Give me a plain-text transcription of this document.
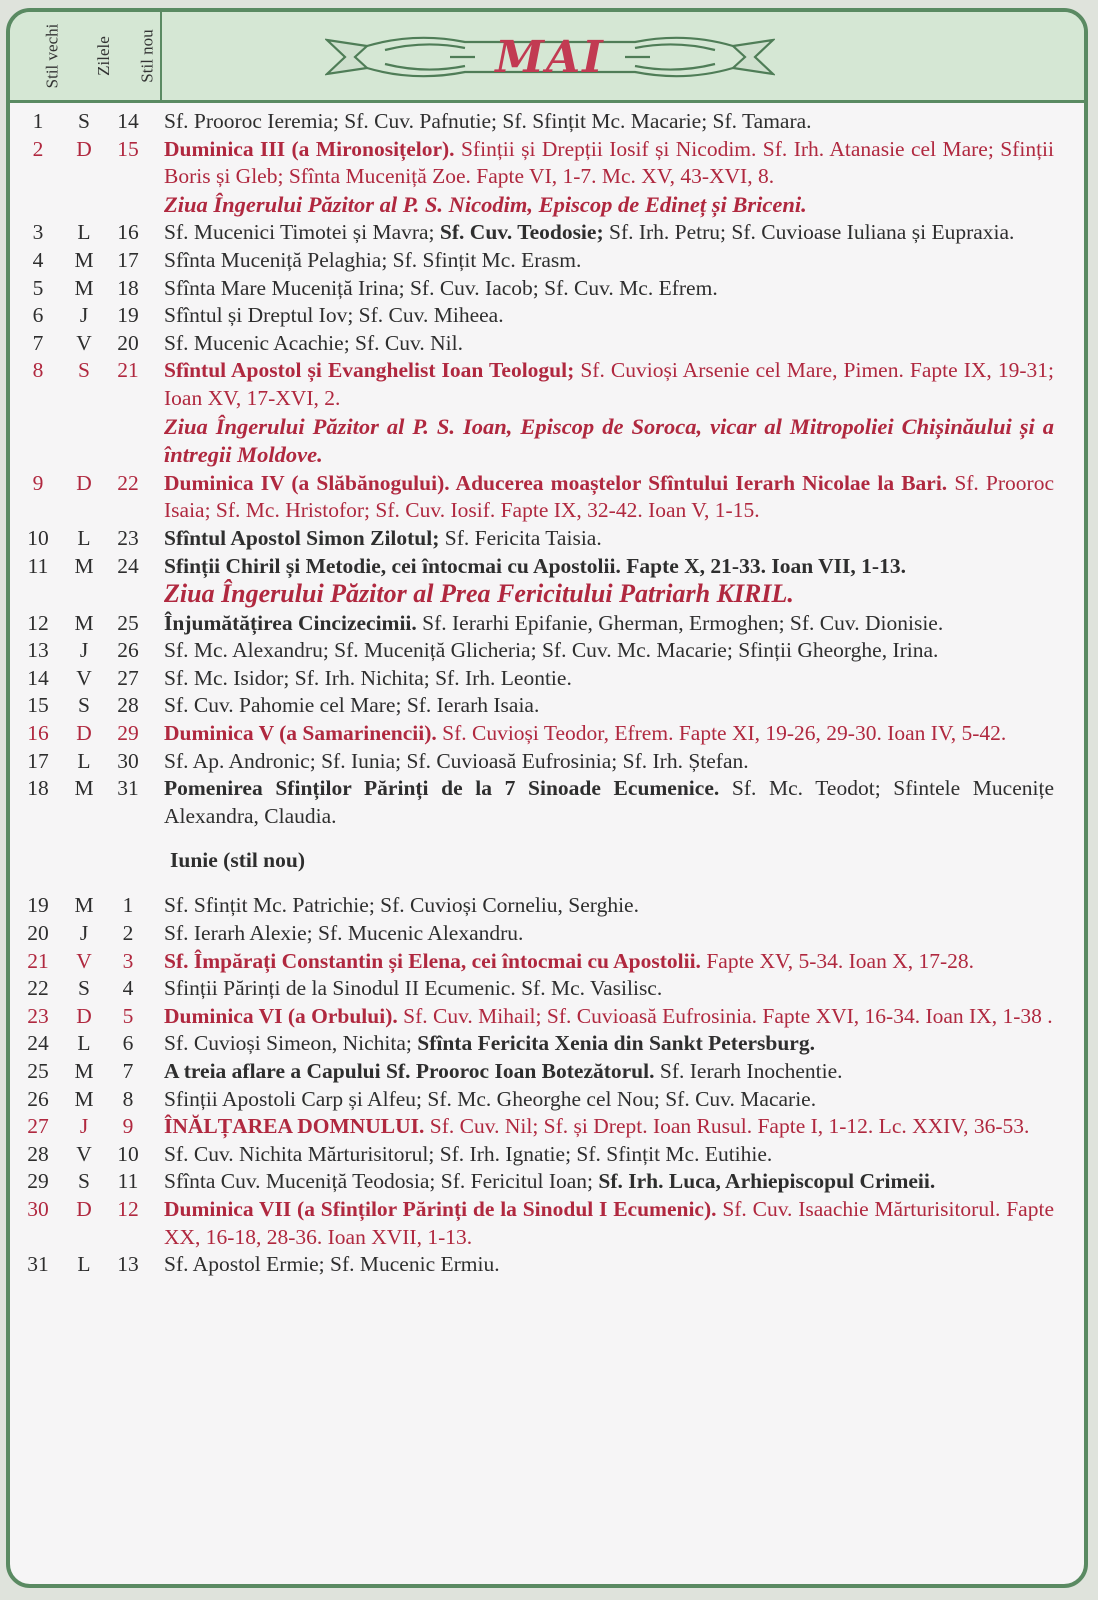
Stil vechi Zilele Stil nou	MAI
1	S	14	Sf. Prooroc Ieremia; Sf. Cuv. Pafnutie; Sf. Sfințit Mc. Macarie; Sf. Tamara.
2	D	15	Duminica III (a Mironosițelor). Sfinții și Drepții Iosif și Nicodim. Sf. Irh. Atanasie cel Mare; Sfinții Boris și Gleb; Sfînta Muceniță Zoe. Fapte VI, 1-7. Mc. XV, 43-XVI, 8.
Ziua Îngerului Păzitor al P. S. Nicodim, Episcop de Edineț și Briceni.
3	L	16	Sf. Mucenici Timotei și Mavra; Sf. Cuv. Teodosie; Sf. Irh. Petru; Sf. Cuvioase Iuliana și Eupraxia.
4	M	17	Sfînta Muceniță Pelaghia; Sf. Sfințit Mc. Erasm.
5	M	18	Sfînta Mare Muceniță Irina; Sf. Cuv. Iacob; Sf. Cuv. Mc. Efrem.
6	J	19	Sfîntul și Dreptul Iov; Sf. Cuv. Miheea.
7	V	20	Sf. Mucenic Acachie; Sf. Cuv. Nil.
8	S	21	Sfîntul Apostol și Evanghelist Ioan Teologul; Sf. Cuvioși Arsenie cel Mare, Pimen. Fapte IX, 19-31; Ioan XV, 17-XVI, 2.
Ziua Îngerului Păzitor al P. S. Ioan, Episcop de Soroca, vicar al Mitropoliei Chișinăului și a întregii Moldove.
9	D	22	Duminica IV (a Slăbănogului). Aducerea moaștelor Sfîntului Ierarh Nicolae la Bari. Sf. Prooroc Isaia; Sf. Mc. Hristofor; Sf. Cuv. Iosif. Fapte IX, 32-42. Ioan V, 1-15.
10	L	23	Sfîntul Apostol Simon Zilotul; Sf. Fericita Taisia.
11	M	24	Sfinții Chiril și Metodie, cei întocmai cu Apostolii. Fapte X, 21-33. Ioan VII, 1-13.
Ziua Îngerului Păzitor al Prea Fericitului Patriarh KIRIL.
12	M	25	Înjumătățirea Cincizecimii. Sf. Ierarhi Epifanie, Gherman, Ermoghen; Sf. Cuv. Dionisie.
13	J	26	Sf. Mc. Alexandru; Sf. Muceniță Glicheria; Sf. Cuv. Mc. Macarie; Sfinții Gheorghe, Irina.
14	V	27	Sf. Mc. Isidor; Sf. Irh. Nichita; Sf. Irh. Leontie.
15	S	28	Sf. Cuv. Pahomie cel Mare; Sf. Ierarh Isaia.
16	D	29	Duminica V (a Samarinencii). Sf. Cuvioși Teodor, Efrem. Fapte XI, 19-26, 29-30. Ioan IV, 5-42.
17	L	30	Sf. Ap. Andronic; Sf. Iunia; Sf. Cuvioasă Eufrosinia; Sf. Irh. Ștefan.
18	M	31	Pomenirea Sfinților Părinți de la 7 Sinoade Ecumenice. Sf. Mc. Teodot; Sfintele Mucenițe Alexandra, Claudia.
Iunie (stil nou)
19	M	1	Sf. Sfințit Mc. Patrichie; Sf. Cuvioși Corneliu, Serghie.
20	J	2	Sf. Ierarh Alexie; Sf. Mucenic Alexandru.
21	V	3	Sf. Împărați Constantin și Elena, cei întocmai cu Apostolii. Fapte XV, 5-34. Ioan X, 17-28.
22	S	4	Sfinții Părinți de la Sinodul II Ecumenic. Sf. Mc. Vasilisc.
23	D	5	Duminica VI (a Orbului). Sf. Cuv. Mihail; Sf. Cuvioasă Eufrosinia. Fapte XVI, 16-34. Ioan IX, 1-38 .
24	L	6	Sf. Cuvioși Simeon, Nichita; Sfînta Fericita Xenia din Sankt Petersburg.
25	M	7	A treia aflare a Capului Sf. Prooroc Ioan Botezătorul. Sf. Ierarh Inochentie.
26	M	8	Sfinții Apostoli Carp și Alfeu; Sf. Mc. Gheorghe cel Nou; Sf. Cuv. Macarie.
27	J	9	ÎNĂLȚAREA DOMNULUI. Sf. Cuv. Nil; Sf. și Drept. Ioan Rusul. Fapte I, 1-12. Lc. XXIV, 36-53.
28	V	10	Sf. Cuv. Nichita Mărturisitorul; Sf. Irh. Ignatie; Sf. Sfințit Mc. Eutihie.
29	S	11	Sfînta Cuv. Muceniță Teodosia; Sf. Fericitul Ioan; Sf. Irh. Luca, Arhiepiscopul Crimeii.
30	D	12	Duminica VII (a Sfinților Părinți de la Sinodul I Ecumenic). Sf. Cuv. Isaachie Mărturisitorul. Fapte XX, 16-18, 28-36. Ioan XVII, 1-13.
31	L	13	Sf. Apostol Ermie; Sf. Mucenic Ermiu.
